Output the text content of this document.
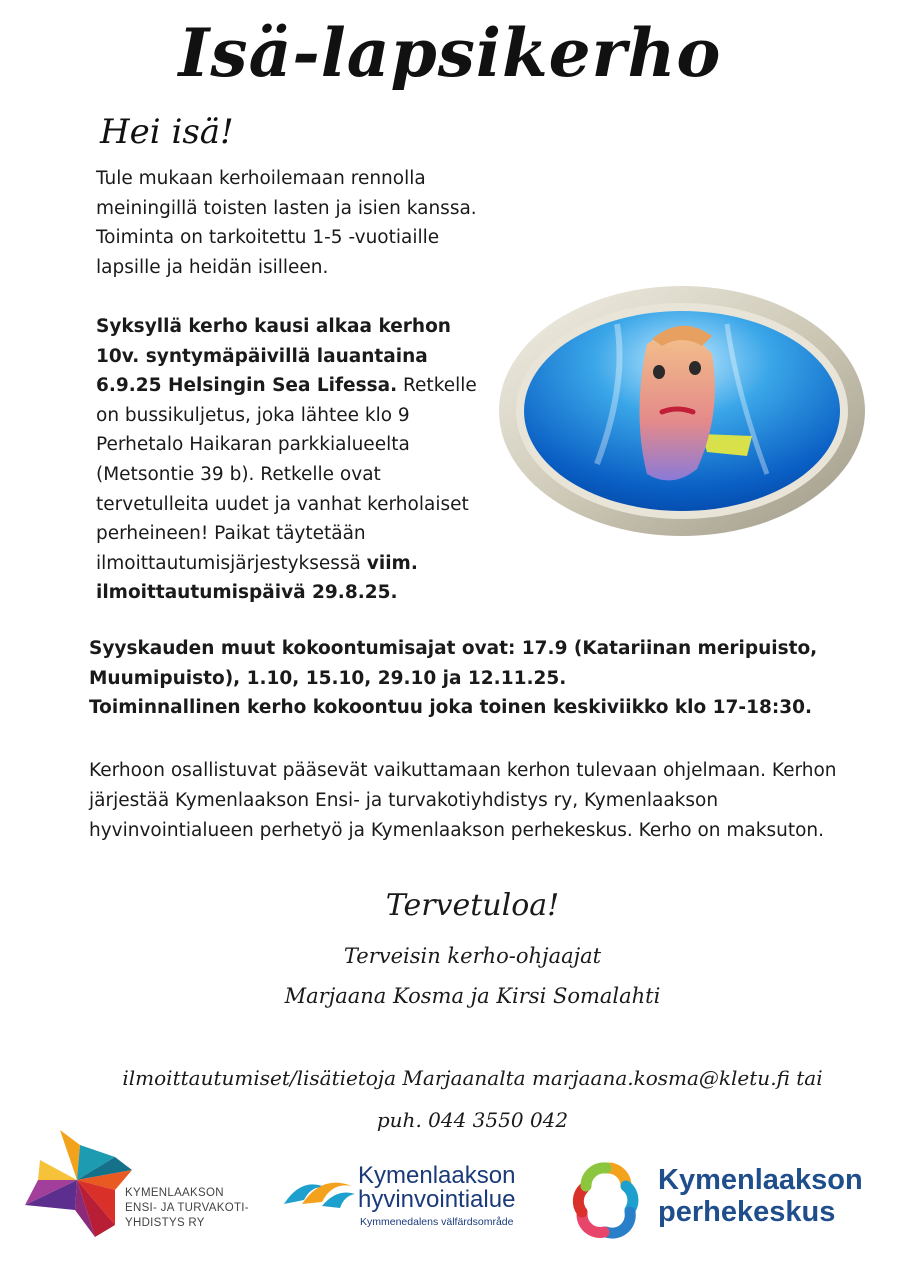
Isä-lapsikerho
Hei isä!

Tule mukaan kerhoilemaan rennolla meiningillä toisten lasten ja isien kanssa. Toiminta on tarkoitettu 1-5 -vuotiaille lapsille ja heidän isilleen.

Syksyllä kerho kausi alkaa kerhon 10v. syntymäpäivillä lauantaina 6.9.25 Helsingin Sea Lifessa. Retkelle on bussikuljetus, joka lähtee klo 9 Perhetalo Haikaran parkkialueelta (Metsontie 39 b). Retkelle ovat tervetulleita uudet ja vanhat kerholaiset perheineen! Paikat täytetään ilmoittautumisjärjestyksessä viim. ilmoittautumispäivä 29.8.25.

Syyskauden muut kokoontumisajat ovat: 17.9 (Katariinan meripuisto, Muumipuisto), 1.10, 15.10, 29.10 ja 12.11.25.

Toiminnallinen kerho kokoontuu joka toinen keskiviikko klo 17-18:30.

Kerhoon osallistuvat pääsevät vaikuttamaan kerhon tulevaan ohjelmaan. Kerhon järjestää Kymenlaakson Ensi- ja turvakotiyhdistys ry, Kymenlaakson hyvinvointialueen perhetyö ja Kymenlaakson perhekeskus. Kerho on maksuton.

Tervetuloa!
Terveisin kerho-ohjaajat
Marjaana Kosma ja Kirsi Somalahti
ilmoittautumiset/lisätietoja Marjaanalta marjaana.kosma@kletu.fi tai
puh. 044 3550 042
KYMENLAAKSON
ENSI- JA TURVAKOTI-
YHDISTYS RY
Kymenlaakson
hyvinvointialue
Kymmenedalens välfärdsområde
Kymenlaakson
perhekeskus
